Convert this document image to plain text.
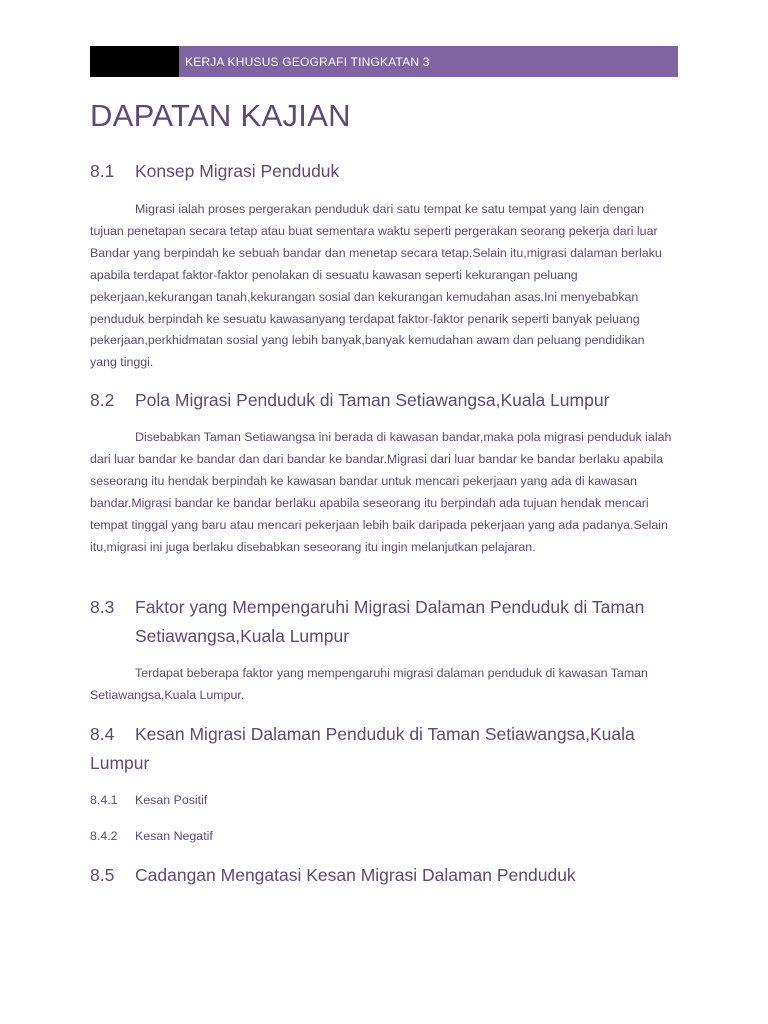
KERJA KHUSUS GEOGRAFI TINGKATAN 3
DAPATAN KAJIAN
8.1 Konsep Migrasi Penduduk

Migrasi ialah proses pergerakan penduduk dari satu tempat ke satu tempat yang lain dengan tujuan penetapan secara tetap atau buat sementara waktu seperti pergerakan seorang pekerja dari luar Bandar yang berpindah ke sebuah bandar dan menetap secara tetap.Selain itu,migrasi dalaman berlaku apabila terdapat faktor-faktor penolakan di sesuatu kawasan seperti kekurangan peluang pekerjaan,kekurangan tanah,kekurangan sosial dan kekurangan kemudahan asas.Ini menyebabkan penduduk berpindah ke sesuatu kawasanyang terdapat faktor-faktor penarik seperti banyak peluang pekerjaan,perkhidmatan sosial yang lebih banyak,banyak kemudahan awam dan peluang pendidikan yang tinggi.

8.2 Pola Migrasi Penduduk di Taman Setiawangsa,Kuala Lumpur

Disebabkan Taman Setiawangsa ini berada di kawasan bandar,maka pola migrasi penduduk ialah dari luar bandar ke bandar dan dari bandar ke bandar.Migrasi dari luar bandar ke bandar berlaku apabila seseorang itu hendak berpindah ke kawasan bandar untuk mencari pekerjaan yang ada di kawasan bandar.Migrasi bandar ke bandar berlaku apabila seseorang itu berpindah ada tujuan hendak mencari tempat tinggal yang baru atau mencari pekerjaan lebih baik daripada pekerjaan yang ada padanya.Selain itu,migrasi ini juga berlaku disebabkan seseorang itu ingin melanjutkan pelajaran.

8.3	Faktor yang Mempengaruhi Migrasi Dalaman Penduduk di Taman Setiawangsa,Kuala Lumpur

Terdapat beberapa faktor yang mempengaruhi migrasi dalaman penduduk di kawasan Taman Setiawangsa,Kuala Lumpur.

8.4 Kesan Migrasi Dalaman Penduduk di Taman Setiawangsa,Kuala Lumpur
8.4.1 Kesan Positif
8.4.2 Kesan Negatif
8.5 Cadangan Mengatasi Kesan Migrasi Dalaman Penduduk
